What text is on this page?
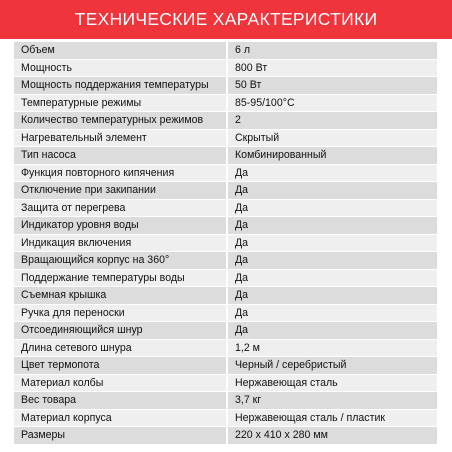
ТЕХНИЧЕСКИЕ ХАРАКТЕРИСТИКИ
Объем	6 л
Мощность	800 Вт
Мощность поддержания температуры	50 Вт
Температурные режимы	85-95/100°C
Количество температурных режимов	2
Нагревательный элемент	Скрытый
Тип насоса	Комбинированный
Функция повторного кипячения	Да
Отключение при закипании	Да
Защита от перегрева	Да
Индикатор уровня воды	Да
Индикация включения	Да
Вращающийся корпус на 360°	Да
Поддержание температуры воды	Да
Съемная крышка	Да
Ручка для переноски	Да
Отсоединяющийся шнур	Да
Длина сетевого шнура	1,2 м
Цвет термопота	Черный / серебристый
Материал колбы	Нержавеющая сталь
Вес товара	3,7 кг
Материал корпуса	Нержавеющая сталь / пластик
Размеры	220 х 410 х 280 мм
